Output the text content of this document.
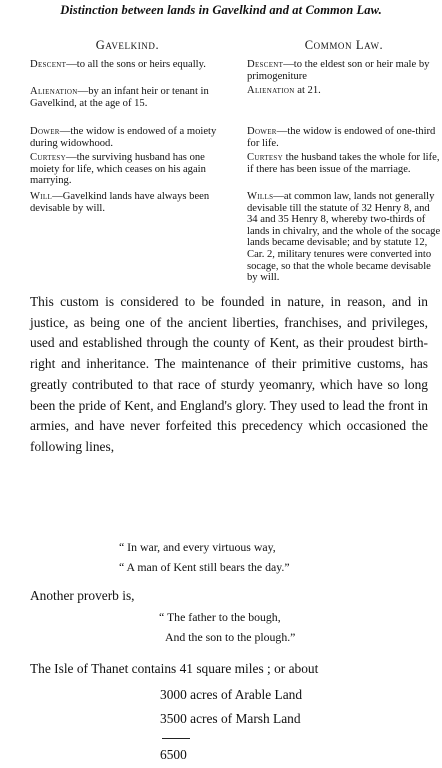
Distinction between lands in Gavelkind and at Common Law.
Gavelkind.

Descent—to all the sons or heirs equally.

Alienation—by an infant heir or tenant in Gavelkind, at the age of 15.

Dower—the widow is endowed of a moiety during widowhood.

Curtesy—the surviving husband has one moiety for life, which ceases on his again marrying.

Will—Gavelkind lands have always been devisable by will.

Common Law.

Descent—to the eldest son or heir male by primogeniture

Alienation at 21.

Dower—the widow is endowed of one-third for life.

Curtesy the husband takes the whole for life, if there has been issue of the marriage.

Wills—at common law, lands not generally devisable till the statute of 32 Henry 8, and 34 and 35 Henry 8, whereby two-thirds of lands in chivalry, and the whole of the socage lands became devisable; and by statute 12, Car. 2, military tenures were converted into socage, so that the whole became devisable by will.

This custom is considered to be founded in nature, in reason, and in justice, as being one of the ancient liberties, franchises, and privileges, used and established through the county of Kent, as their proudest birth-right and inheritance. The maintenance of their primitive customs, has greatly contributed to that race of sturdy yeomanry, which have so long been the pride of Kent, and England's glory. They used to lead the front in armies, and have never forfeited this precedency which occasioned the following lines,

“ In war, and every virtuous way,
“ A man of Kent still bears the day.”

Another proverb is,

“ The father to the bough,
And the son to the plough.”
The Isle of Thanet contains 41 square miles ; or about
3000 acres of Arable Land
3500 acres of Marsh Land
6500
